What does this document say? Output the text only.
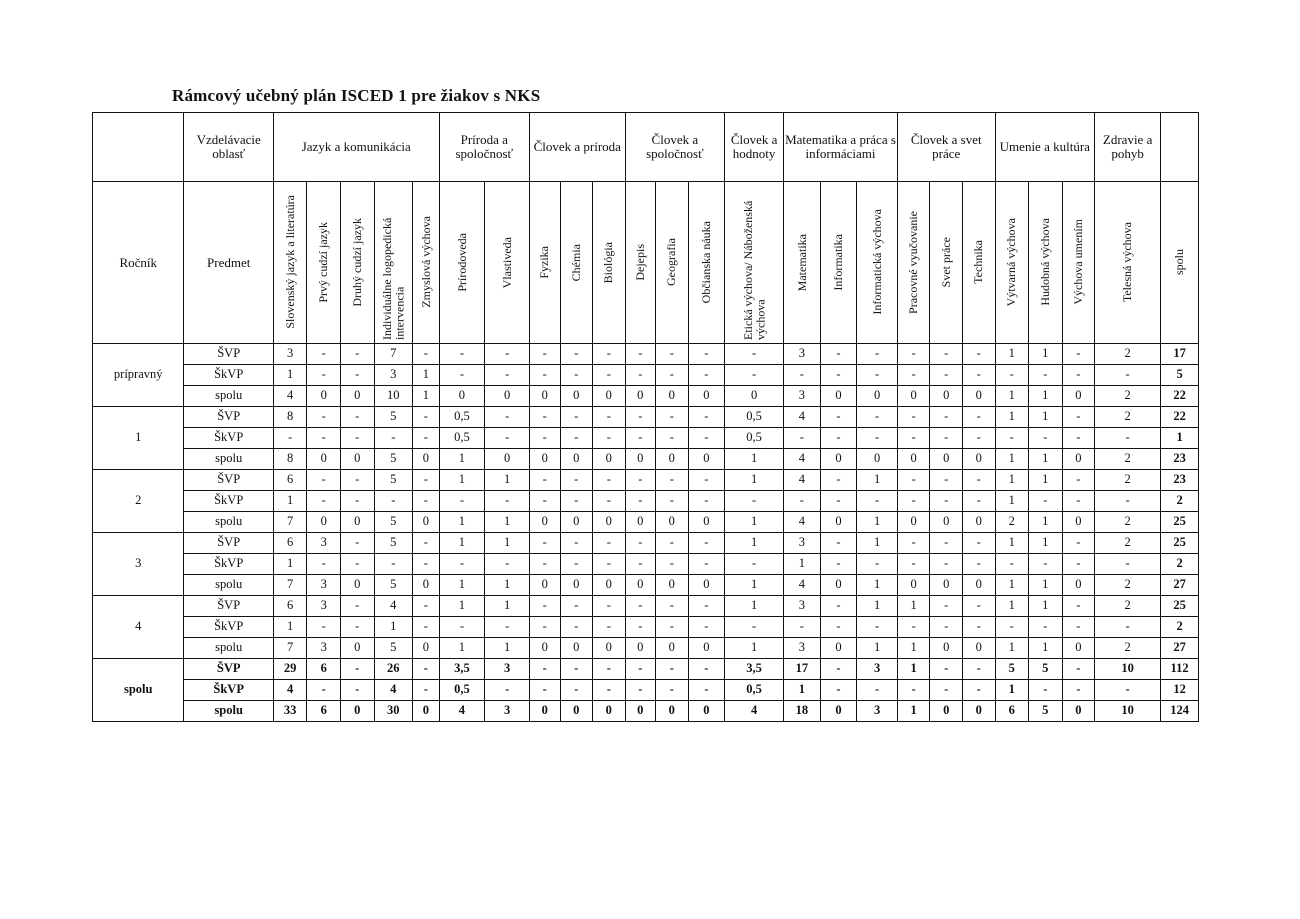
Rámcový učebný plán ISCED 1 pre žiakov s NKS
	Vzdelávacie oblasť	Jazyk a komunikácia					Príroda a spoločnosť		Človek a príroda			Človek a spoločnosť			Človek a hodnoty	Matematika a práca s informáciami			Človek a svet práce			Umenie a kultúra			Zdravie a pohyb	
Ročník	Predmet	Slovenský jazyk a literatúra	Prvý cudzí jazyk	Druhý cudzí jazyk	Individuálne logopedická intervencia	Zmyslová výchova	Prírodoveda	Vlastiveda	Fyzika	Chémia	Biológia	Dejepis	Geografia	Občianska náuka	Etická výchova/ Náboženská výchova	Matematika	Informatika	Informatická výchova	Pracovné vyučovanie	Svet práce	Technika	Výtvarná výchova	Hudobná výchova	Výchova umením	Telesná výchova	spolu
prípravný	ŠVP	3	-	-	7	-	-	-	-	-	-	-	-	-	-	3	-	-	-	-	-	1	1	-	2	17
	ŠkVP	1	-	-	3	1	-	-	-	-	-	-	-	-	-	-	-	-	-	-	-	-	-	-	-	5
	spolu	4	0	0	10	1	0	0	0	0	0	0	0	0	0	3	0	0	0	0	0	1	1	0	2	22
1	ŠVP	8	-	-	5	-	0,5	-	-	-	-	-	-	-	0,5	4	-	-	-	-	-	1	1	-	2	22
	ŠkVP	-	-	-	-	-	0,5	-	-	-	-	-	-	-	0,5	-	-	-	-	-	-	-	-	-	-	1
	spolu	8	0	0	5	0	1	0	0	0	0	0	0	0	1	4	0	0	0	0	0	1	1	0	2	23
2	ŠVP	6	-	-	5	-	1	1	-	-	-	-	-	-	1	4	-	1	-	-	-	1	1	-	2	23
	ŠkVP	1	-	-	-	-	-	-	-	-	-	-	-	-	-	-	-	-	-	-	-	1	-	-	-	2
	spolu	7	0	0	5	0	1	1	0	0	0	0	0	0	1	4	0	1	0	0	0	2	1	0	2	25
3	ŠVP	6	3	-	5	-	1	1	-	-	-	-	-	-	1	3	-	1	-	-	-	1	1	-	2	25
	ŠkVP	1	-	-	-	-	-	-	-	-	-	-	-	-	-	1	-	-	-	-	-	-	-	-	-	2
	spolu	7	3	0	5	0	1	1	0	0	0	0	0	0	1	4	0	1	0	0	0	1	1	0	2	27
4	ŠVP	6	3	-	4	-	1	1	-	-	-	-	-	-	1	3	-	1	1	-	-	1	1	-	2	25
	ŠkVP	1	-	-	1	-	-	-	-	-	-	-	-	-	-	-	-	-	-	-	-	-	-	-	-	2
	spolu	7	3	0	5	0	1	1	0	0	0	0	0	0	1	3	0	1	1	0	0	1	1	0	2	27
spolu	ŠVP	29	6	-	26	-	3,5	3	-	-	-	-	-	-	3,5	17	-	3	1	-	-	5	5	-	10	112
	ŠkVP	4	-	-	4	-	0,5	-	-	-	-	-	-	-	0,5	1	-	-	-	-	-	1	-	-	-	12
	spolu	33	6	0	30	0	4	3	0	0	0	0	0	0	4	18	0	3	1	0	0	6	5	0	10	124
